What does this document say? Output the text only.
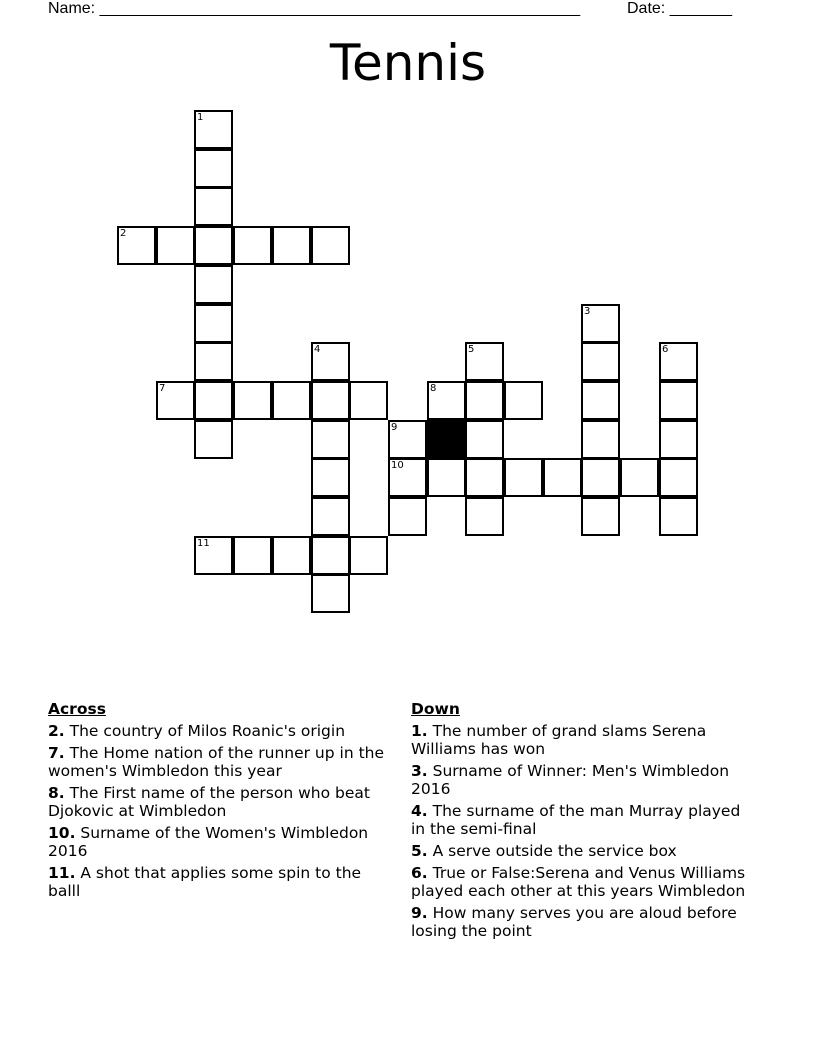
Name: ______________________________________________________	Date: _______
Tennis
1
2
3
4	5	6
7	8
9
10
11
Across
2. The country of Milos Roanic's origin
7. The Home nation of the runner up in the women's Wimbledon this year
8. The First name of the person who beat Djokovic at Wimbledon
10. Surname of the Women's Wimbledon 2016
11. A shot that applies some spin to the balll
Down
1. The number of grand slams Serena Williams has won
3. Surname of Winner: Men's Wimbledon 2016
4. The surname of the man Murray played in the semi-final
5. A serve outside the service box
6. True or False:Serena and Venus Williams played each other at this years Wimbledon
9. How many serves you are aloud before losing the point
